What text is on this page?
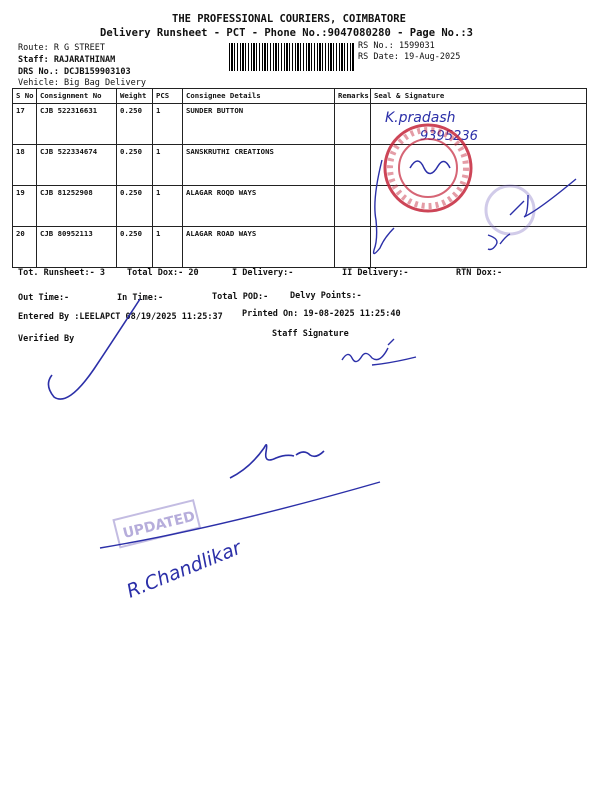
THE PROFESSIONAL COURIERS, COIMBATORE
Delivery Runsheet - PCT - Phone No.:9047080280 - Page No.:3
Route: R G STREET
Staff: RAJARATHINAM
DRS No.: DCJB159903103
Vehicle: Big Bag Delivery
RS No.: 1599031
RS Date: 19-Aug-2025
S No	Consignment No	Weight	PCS	Consignee Details	Remarks	Seal & Signature
17	CJB 522316631	0.250	1	SUNDER BUTTON		
18	CJB 522334674	0.250	1	SANSKRUTHI CREATIONS		
19	CJB 81252908	0.250	1	ALAGAR ROQD WAYS		
20	CJB 80952113	0.250	1	ALAGAR ROAD WAYS		
Tot. Runsheet:- 3	Total Dox:- 20	I Delivery:-	II Delivery:-	RTN Dox:-
Out Time:-	In Time:-	Total POD:-	Delvy Points:-
Entered By :LEELAPCT 08/19/2025 11:25:37 Printed On: 19-08-2025 11:25:40
Verified By	Staff Signature
K.pradash
9395236
UPDATED
R.Chandlikar
